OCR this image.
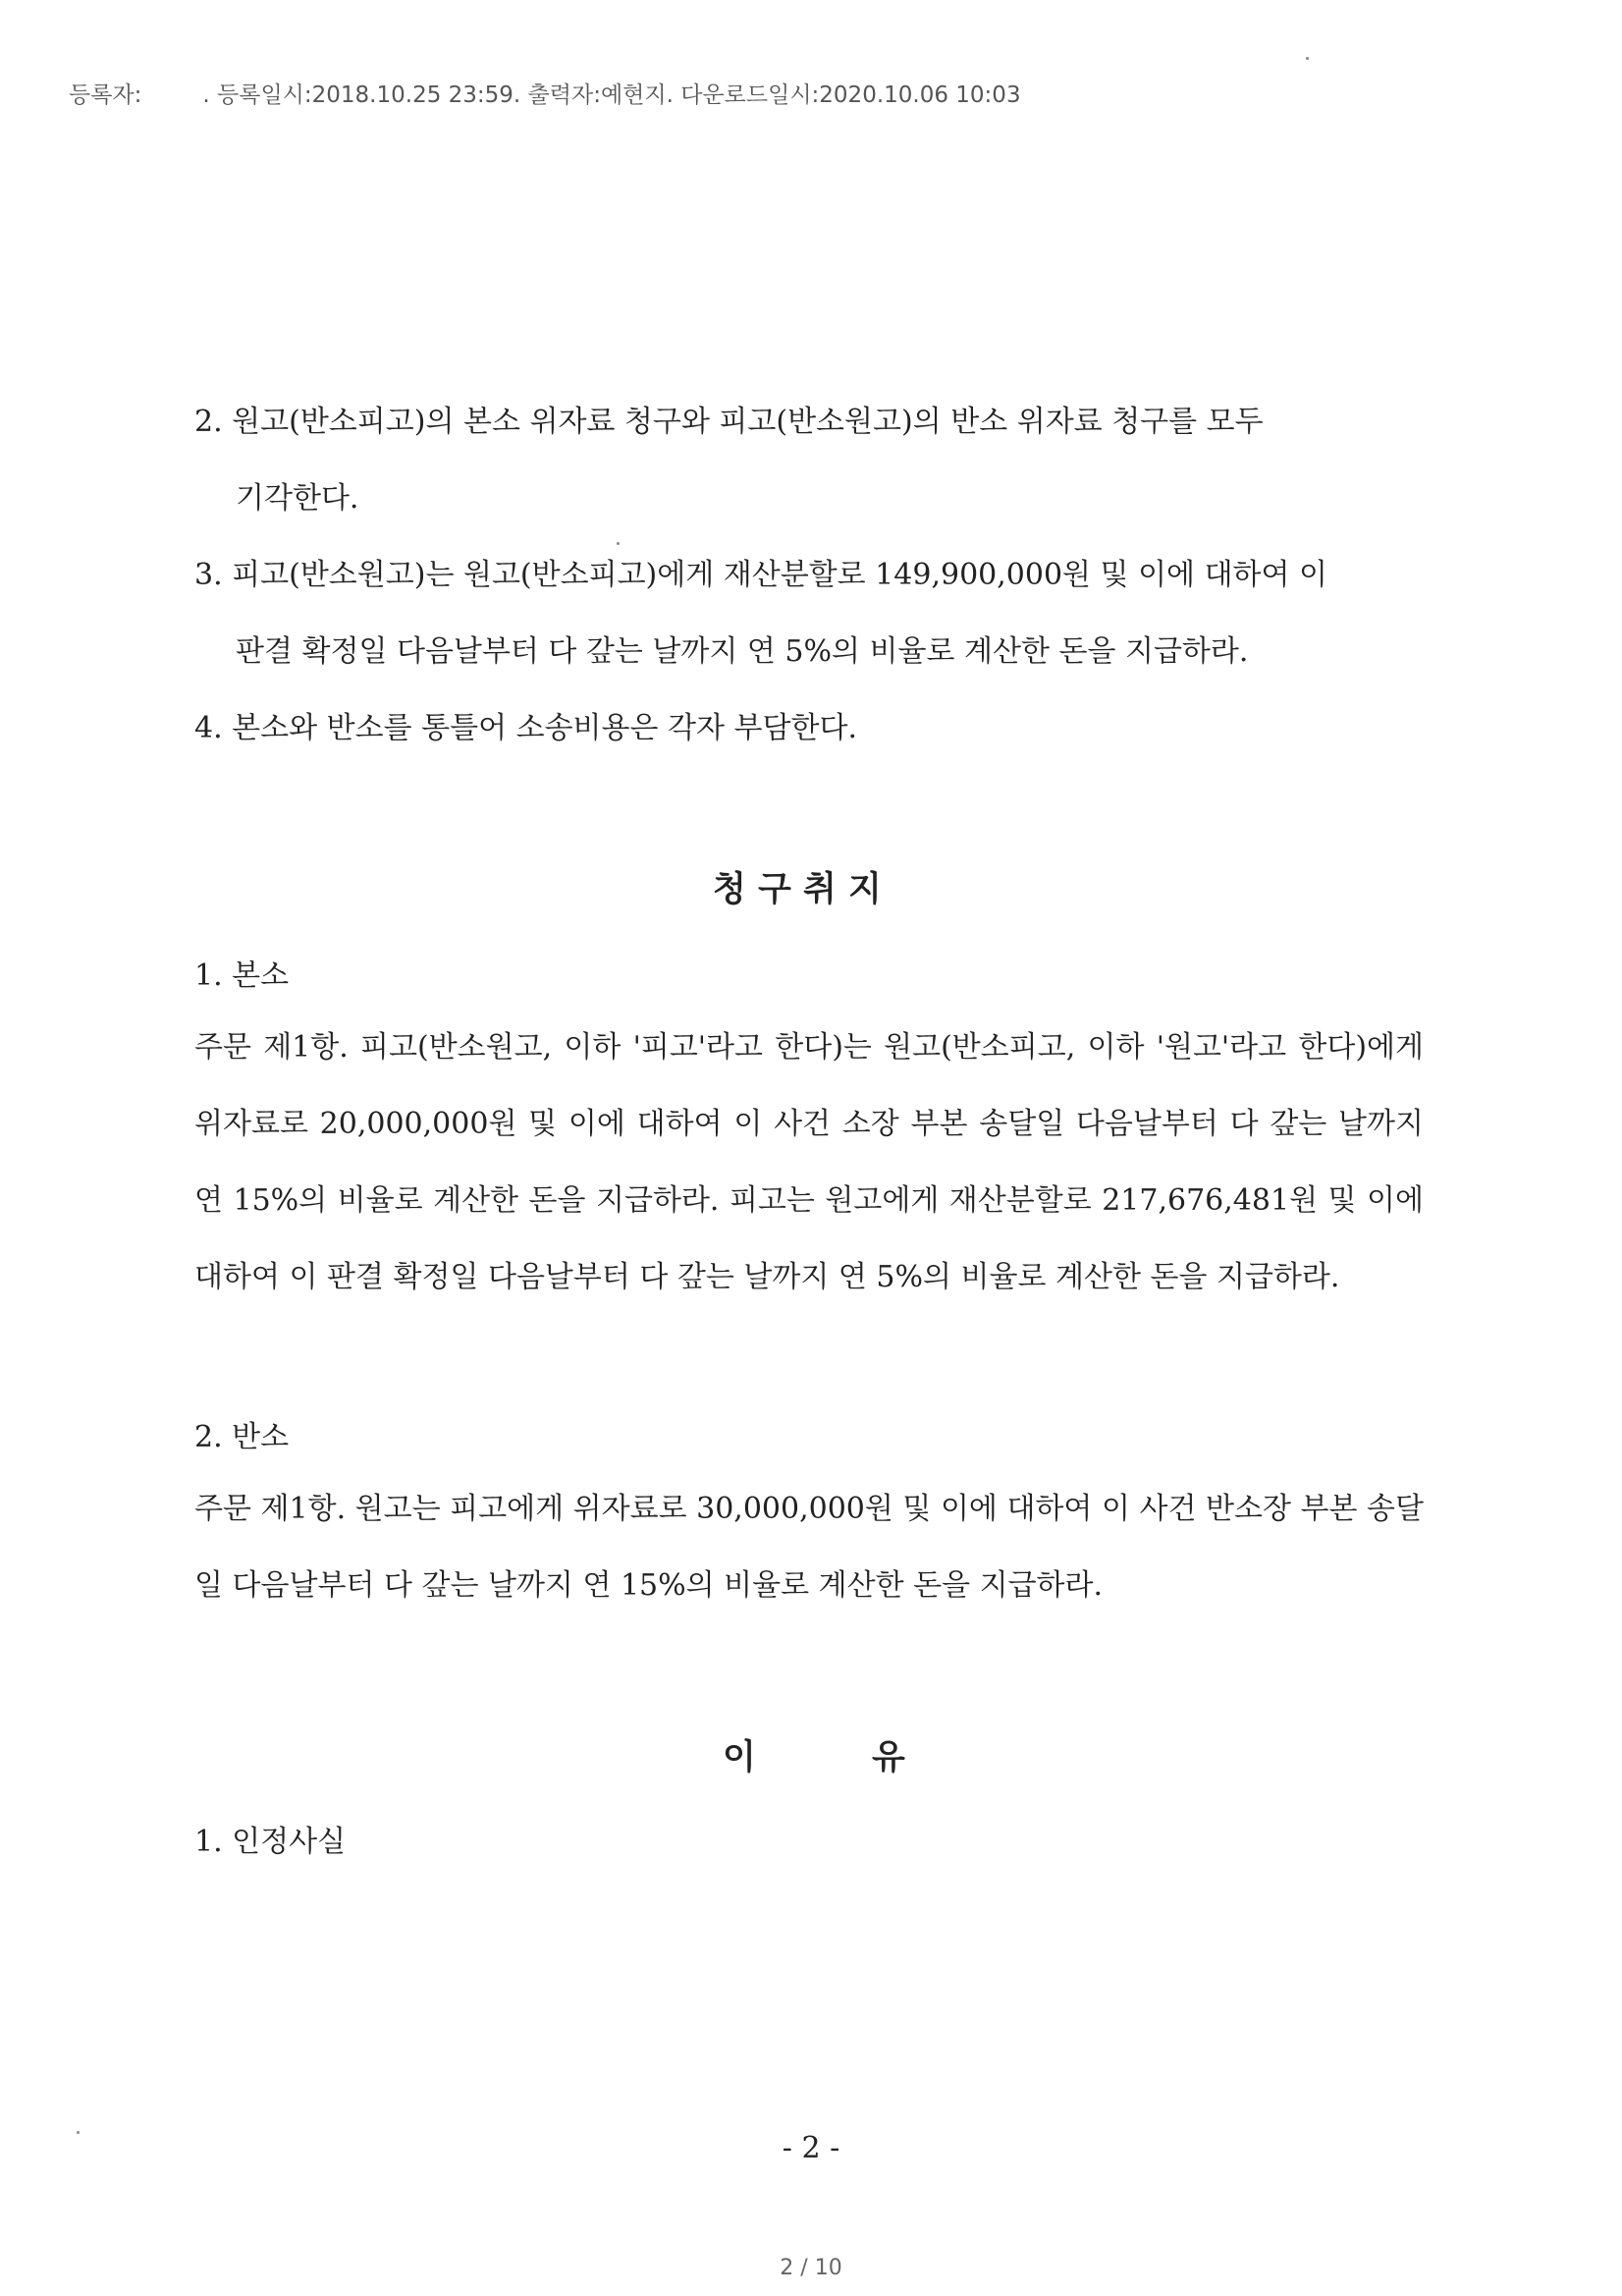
등록자:	. 등록일시:2018.10.25 23:59. 출력자:예현지. 다운로드일시:2020.10.06 10:03
2. 원고(반소피고)의 본소 위자료 청구와 피고(반소원고)의 반소 위자료 청구를 모두
기각한다.
3. 피고(반소원고)는 원고(반소피고)에게 재산분할로 149,900,000원 및 이에 대하여 이
판결 확정일 다음날부터 다 갚는 날까지 연 5%의 비율로 계산한 돈을 지급하라.
4. 본소와 반소를 통틀어 소송비용은 각자 부담한다.
청 구 취 지
1. 본소
주문 제1항. 피고(반소원고, 이하 '피고'라고 한다)는 원고(반소피고, 이하 '원고'라고 한다)에게 위자료로 20,000,000원 및 이에 대하여 이 사건 소장 부본 송달일 다음날부터 다 갚는 날까지 연 15%의 비율로 계산한 돈을 지급하라. 피고는 원고에게 재산분할로 217,676,481원 및 이에 대하여 이 판결 확정일 다음날부터 다 갚는 날까지 연 5%의 비율로 계산한 돈을 지급하라.
2. 반소
주문 제1항. 원고는 피고에게 위자료로 30,000,000원 및 이에 대하여 이 사건 반소장 부본 송달일 다음날부터 다 갚는 날까지 연 15%의 비율로 계산한 돈을 지급하라.
이	유
1. 인정사실
- 2 -
2 / 10
